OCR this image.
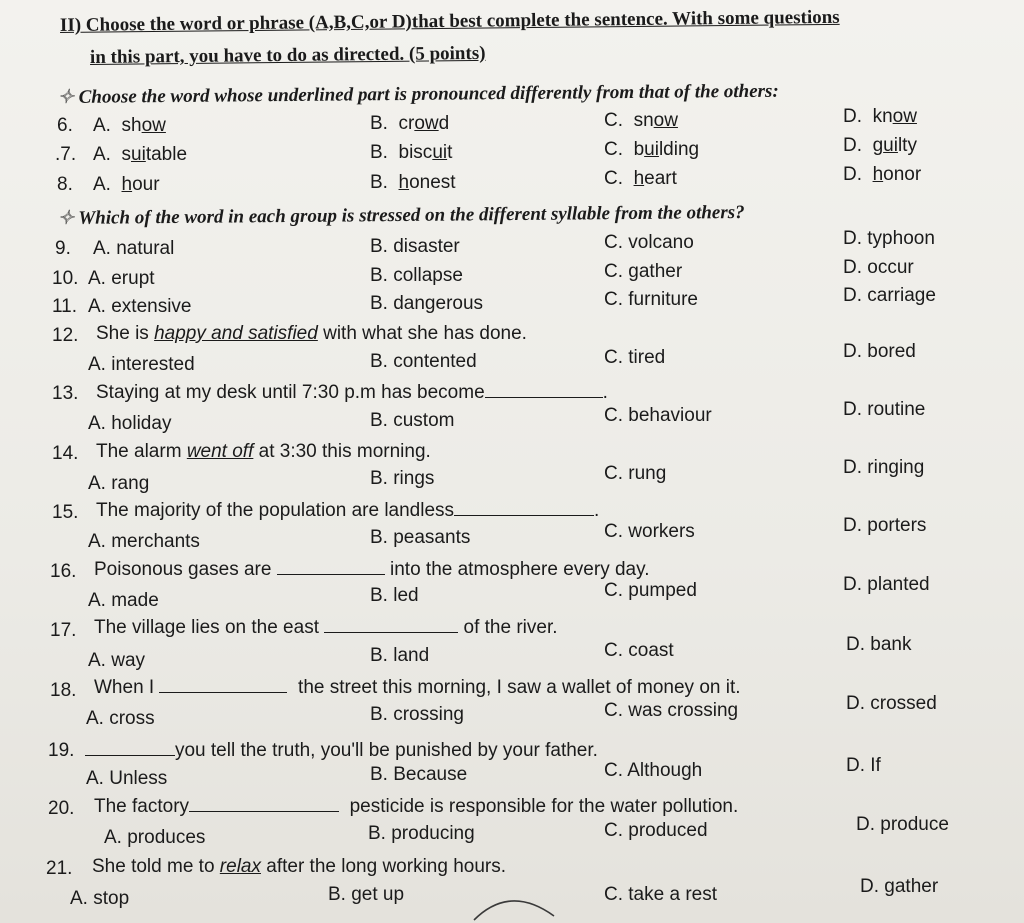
II) Choose the word or phrase (A,B,C,or D)that best complete the sentence. With some questions
in this part, you have to do as directed. (5 points)
✧ Choose the word whose underlined part is pronounced differently from that of the others:
6. A. show	B. crowd	C. snow	D. know
.7. A. suitable	B. biscuit	C. building	D. guilty
8. A. hour	B. honest	C. heart	D. honor
✧ Which of the word in each group is stressed on the different syllable from the others?
9. A. natural	B. disaster	C. volcano	D. typhoon
10. A. erupt	B. collapse	C. gather	D. occur
11. A. extensive	B. dangerous	C. furniture	D. carriage
12. She is happy and satisfied with what she has done.
A. interested	B. contented	C. tired	D. bored
13. Staying at my desk until 7:30 p.m has become	.
A. holiday	B. custom	C. behaviour	D. routine
14. The alarm went off at 3:30 this morning.
A. rang	B. rings	C. rung	D. ringing
15. The majority of the population are landless	.
A. merchants	B. peasants	C. workers	D. porters
16. Poisonous gases are	into the atmosphere every day.
A. made	B. led	C. pumped	D. planted
17. The village lies on the east	of the river.
A. way	B. land	C. coast	D. bank
18. When I	the street this morning, I saw a wallet of money on it.
A. cross	B. crossing	C. was crossing	D. crossed
19.	you tell the truth, you'll be punished by your father.
A. Unless	B. Because	C. Although	D. If
20. The factory	pesticide is responsible for the water pollution.
A. produces	B. producing	C. produced	D. produce
21. She told me to relax after the long working hours.
A. stop	B. get up	C. take a rest	D. gather
